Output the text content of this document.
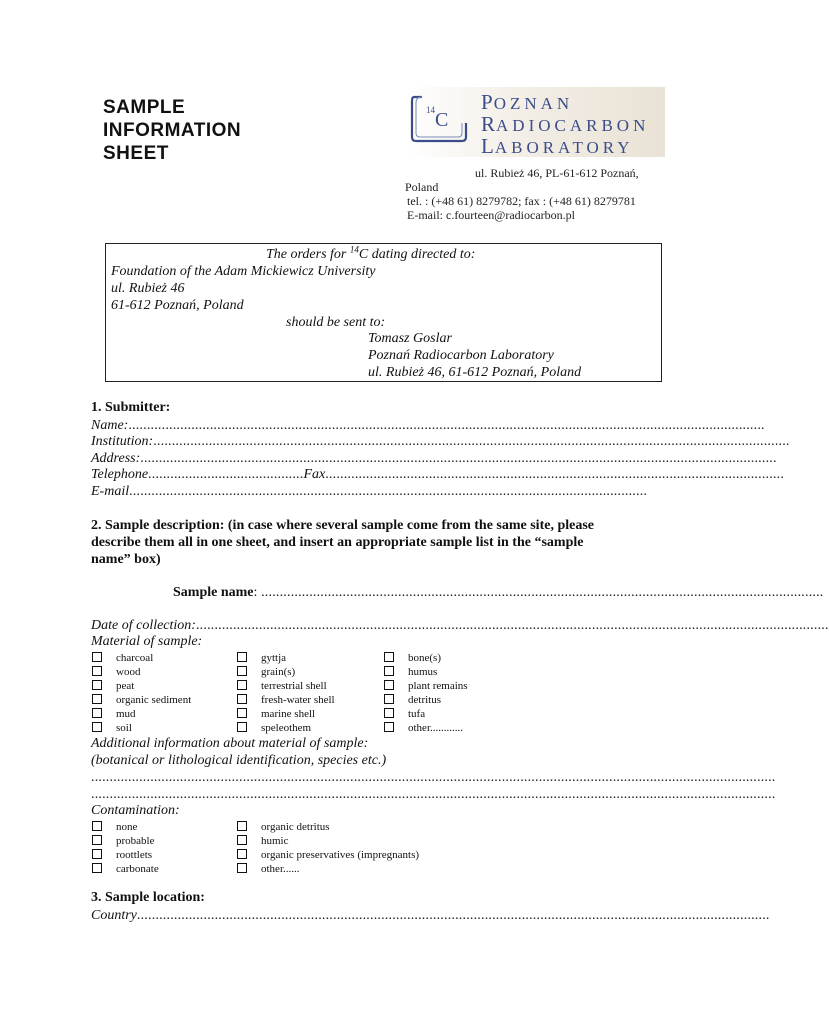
SAMPLE
INFORMATION
SHEET
14 C
POZNAN
RADIOCARBON
LABORATORY
ul. Rubież 46, PL-61-612 Poznań,
Poland
tel. : (+48 61) 8279782; fax : (+48 61) 8279781
E-mail: c.fourteen@radiocarbon.pl
The orders for $^{14}$C dating directed to:
Foundation of the Adam Mickiewicz University
ul. Rubież 46
61-612 Poznań, Poland
should be sent to:
Tomasz Goslar
Poznań Radiocarbon Laboratory
ul. Rubież 46, 61-612 Poznań, Poland
1. Submitter:
Name:............................................................................................................................................................................
Institution:............................................................................................................................................................................
Address:............................................................................................................................................................................
Telephone..........................................Fax............................................................................................................................
E-mail............................................................................................................................................
2. Sample description: (in case where several sample come from the same site, please
describe them all in one sheet, and insert an appropriate sample list in the “sample
name” box)
Sample name: ........................................................................................................................................................
Date of collection:...........................................................................................................................................................................
Material of sample:
charcoal	gyttja	bone(s)
wood	grain(s)	humus
peat	terrestrial shell	plant remains
organic sediment	fresh-water shell	detritus
mud	marine shell	tufa
soil	speleothem	other............
Additional information about material of sample:
(botanical or lithological identification, species etc.)
.........................................................................................................................................................................................
.........................................................................................................................................................................................
Contamination:
none	organic detritus
probable	humic
roottlets	organic preservatives (impregnants)
carbonate	other......
3. Sample location:
Country...........................................................................................................................................................................
